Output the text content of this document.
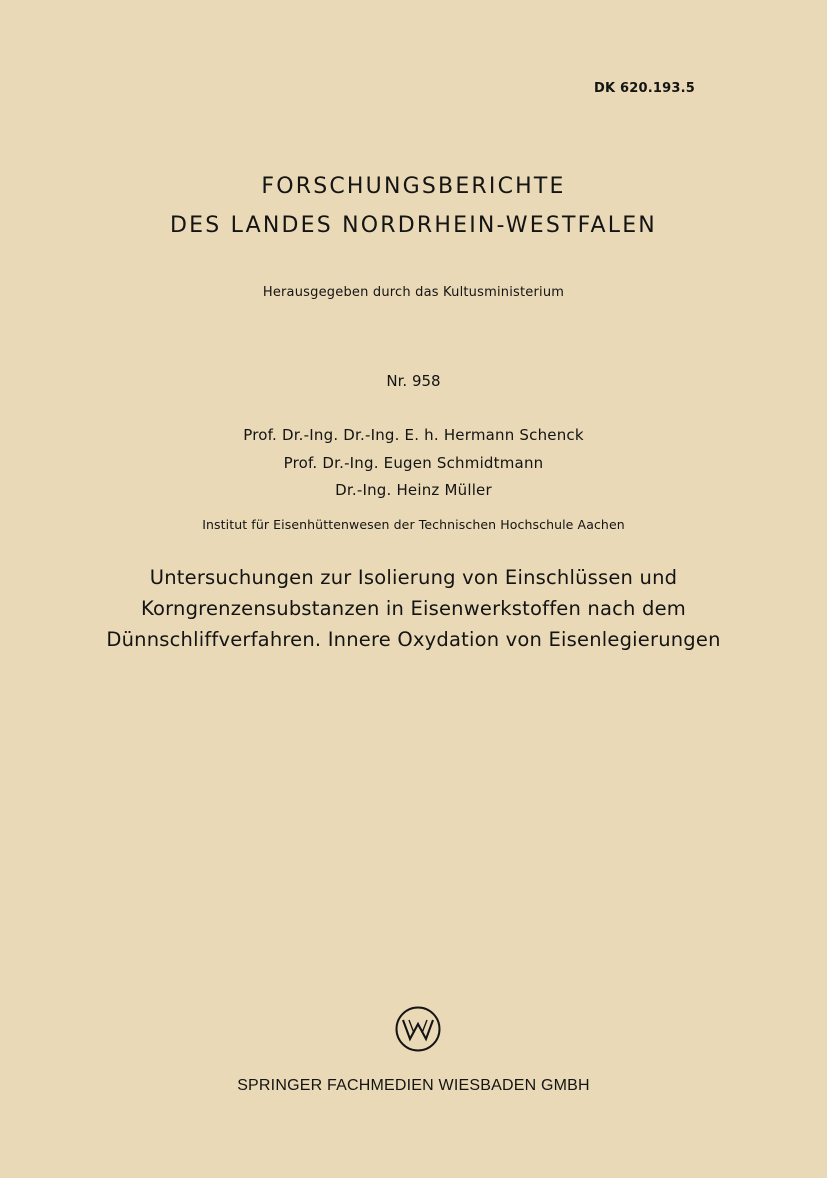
DK 620.193.5
FORSCHUNGSBERICHTE
DES LANDES NORDRHEIN-WESTFALEN
Herausgegeben durch das Kultusministerium
Nr. 958
Prof. Dr.-Ing. Dr.-Ing. E. h. Hermann Schenck
Prof. Dr.-Ing. Eugen Schmidtmann
Dr.-Ing. Heinz Müller
Institut für Eisenhüttenwesen der Technischen Hochschule Aachen
Untersuchungen zur Isolierung von Einschlüssen und
Korngrenzensubstanzen in Eisenwerkstoffen nach dem
Dünnschliffverfahren. Innere Oxydation von Eisenlegierungen
SPRINGER FACHMEDIEN WIESBADEN GMBH
